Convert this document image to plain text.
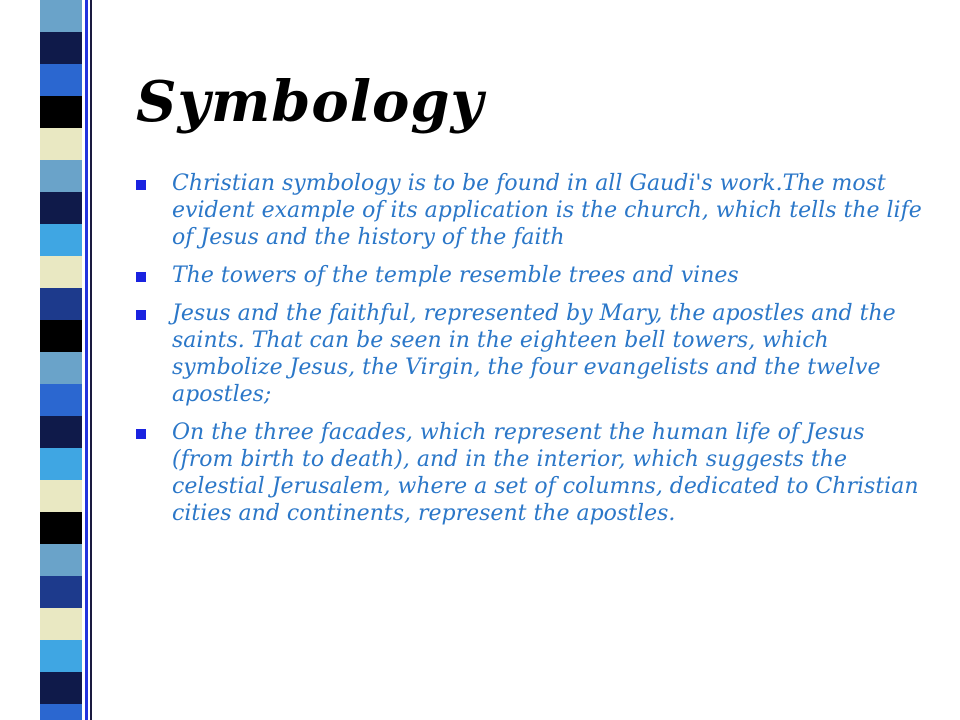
Symbology
Christian symbology is to be found in all Gaudi's work.The most evident example of its application is the church, which tells the life of Jesus and the history of the faith
The towers of the temple resemble trees and vines
Jesus and the faithful, represented by Mary, the apostles and the saints. That can be seen in the eighteen bell towers, which symbolize Jesus, the Virgin, the four evangelists and the twelve apostles;
On the three facades, which represent the human life of Jesus (from birth to death), and in the interior, which suggests the celestial Jerusalem, where a set of columns, dedicated to Christian cities and continents, represent the apostles.
